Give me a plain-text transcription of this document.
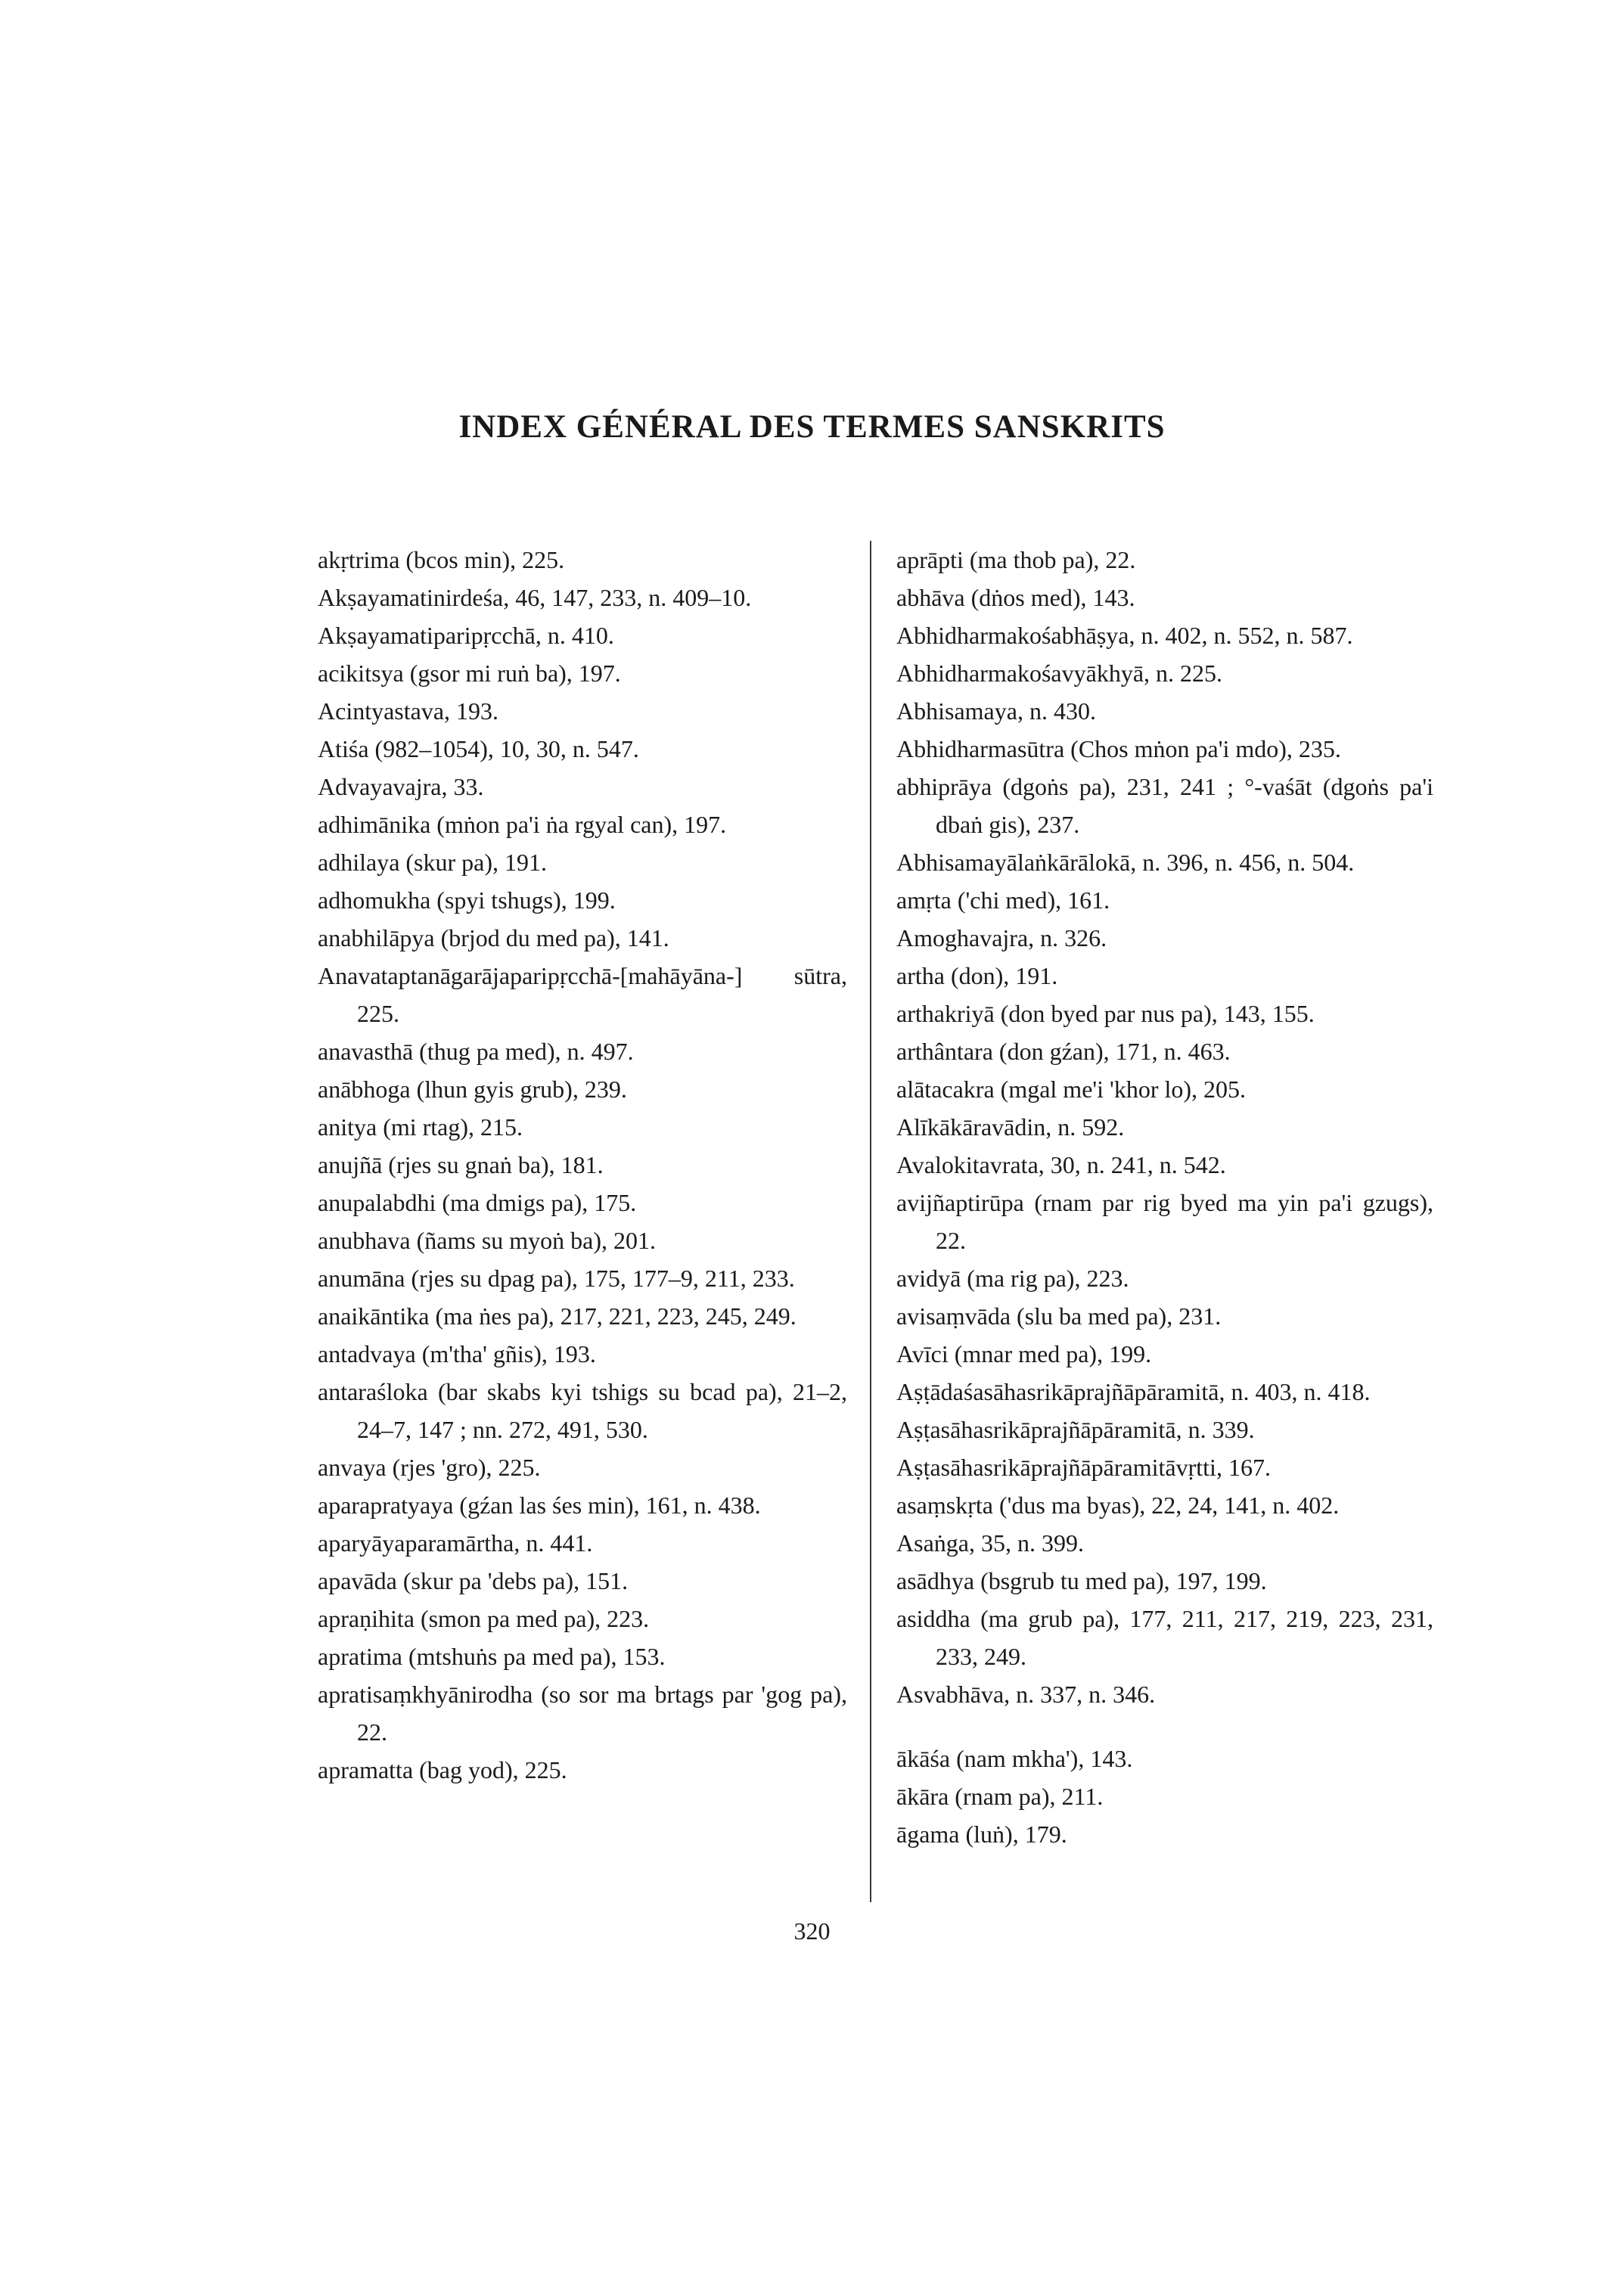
INDEX GÉNÉRAL DES TERMES SANSKRITS
akṛtrima (bcos min), 225.
Akṣayamatinirdeśa, 46, 147, 233, n. 409–10.
Akṣayamatiparipṛcchā, n. 410.
acikitsya (gsor mi ruṅ ba), 197.
Acintyastava, 193.
Atiśa (982–1054), 10, 30, n. 547.
Advayavajra, 33.
adhimānika (mṅon pa'i ṅa rgyal can), 197.
adhilaya (skur pa), 191.
adhomukha (spyi tshugs), 199.
anabhilāpya (brjod du med pa), 141.
Anavataptanāgarājaparipṛcchā-[mahāyāna-] sūtra, 225.
anavasthā (thug pa med), n. 497.
anābhoga (lhun gyis grub), 239.
anitya (mi rtag), 215.
anujñā (rjes su gnaṅ ba), 181.
anupalabdhi (ma dmigs pa), 175.
anubhava (ñams su myoṅ ba), 201.
anumāna (rjes su dpag pa), 175, 177–9, 211, 233.
anaikāntika (ma ṅes pa), 217, 221, 223, 245, 249.
antadvaya (m'tha' gñis), 193.
antaraśloka (bar skabs kyi tshigs su bcad pa), 21–2, 24–7, 147 ; nn. 272, 491, 530.
anvaya (rjes 'gro), 225.
aparapratyaya (gźan las śes min), 161, n. 438.
aparyāyaparamārtha, n. 441.
apavāda (skur pa 'debs pa), 151.
apraṇihita (smon pa med pa), 223.
apratima (mtshuṅs pa med pa), 153.
apratisaṃkhyānirodha (so sor ma brtags par 'gog pa), 22.
apramatta (bag yod), 225.
aprāpti (ma thob pa), 22.
abhāva (dṅos med), 143.
Abhidharmakośabhāṣya, n. 402, n. 552, n. 587.
Abhidharmakośavyākhyā, n. 225.
Abhisamaya, n. 430.
Abhidharmasūtra (Chos mṅon pa'i mdo), 235.
abhiprāya (dgoṅs pa), 231, 241 ; °-vaśāt (dgoṅs pa'i dbaṅ gis), 237.
Abhisamayālaṅkārālokā, n. 396, n. 456, n. 504.
amṛta ('chi med), 161.
Amoghavajra, n. 326.
artha (don), 191.
arthakriyā (don byed par nus pa), 143, 155.
arthântara (don gźan), 171, n. 463.
alātacakra (mgal me'i 'khor lo), 205.
Alīkākāravādin, n. 592.
Avalokitavrata, 30, n. 241, n. 542.
avijñaptirūpa (rnam par rig byed ma yin pa'i gzugs), 22.
avidyā (ma rig pa), 223.
avisaṃvāda (slu ba med pa), 231.
Avīci (mnar med pa), 199.
Aṣṭādaśasāhasrikāprajñāpāramitā, n. 403, n. 418.
Aṣṭasāhasrikāprajñāpāramitā, n. 339.
Aṣṭasāhasrikāprajñāpāramitāvṛtti, 167.
asaṃskṛta ('dus ma byas), 22, 24, 141, n. 402.
Asaṅga, 35, n. 399.
asādhya (bsgrub tu med pa), 197, 199.
asiddha (ma grub pa), 177, 211, 217, 219, 223, 231, 233, 249.
Asvabhāva, n. 337, n. 346.
ākāśa (nam mkha'), 143.
ākāra (rnam pa), 211.
āgama (luṅ), 179.

320
